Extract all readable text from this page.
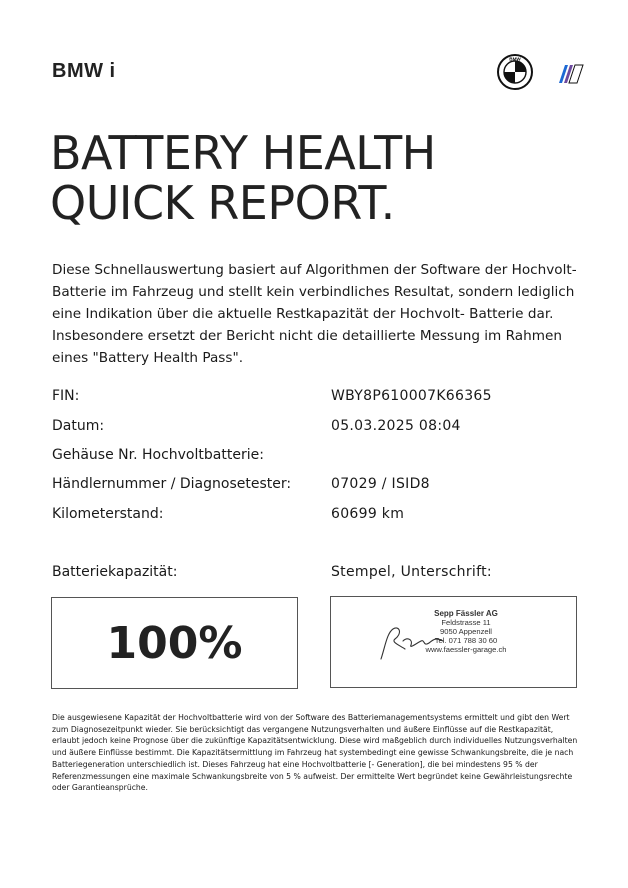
BMW i
BMW
BATTERY HEALTH
QUICK REPORT.
Diese Schnellauswertung basiert auf Algorithmen der Software der Hochvolt- Batterie im Fahrzeug und stellt kein verbindliches Resultat, sondern lediglich eine Indikation über die aktuelle Restkapazität der Hochvolt- Batterie dar. Insbesondere ersetzt der Bericht nicht die detaillierte Messung im Rahmen eines "Battery Health Pass".
FIN:	WBY8P610007K66365
Datum:	05.03.2025 08:04
Gehäuse Nr. Hochvoltbatterie:
Händlernummer / Diagnosetester:	07029 / ISID8
Kilometerstand:	60699 km
Batteriekapazität:	Stempel, Unterschrift:
100%
Sepp Fässler AG
Feldstrasse 11
9050 Appenzell
Tel. 071 788 30 60
www.faessler-garage.ch
Die ausgewiesene Kapazität der Hochvoltbatterie wird von der Software des Batteriemanagementsystems ermittelt und gibt den Wert zum Diagnosezeitpunkt wieder. Sie berücksichtigt das vergangene Nutzungsverhalten und äußere Einflüsse auf die Restkapazität, erlaubt jedoch keine Prognose über die zukünftige Kapazitätsentwicklung. Diese wird maßgeblich durch individuelles Nutzungsverhalten und äußere Einflüsse bestimmt. Die Kapazitätsermittlung im Fahrzeug hat systembedingt eine gewisse Schwankungsbreite, die je nach Batteriegeneration unterschiedlich ist. Dieses Fahrzeug hat eine Hochvoltbatterie [- Generation], die bei mindestens 95 % der Referenzmessungen eine maximale Schwankungsbreite von 5 % aufweist. Der ermittelte Wert begründet keine Gewährleistungsrechte oder Garantieansprüche.
